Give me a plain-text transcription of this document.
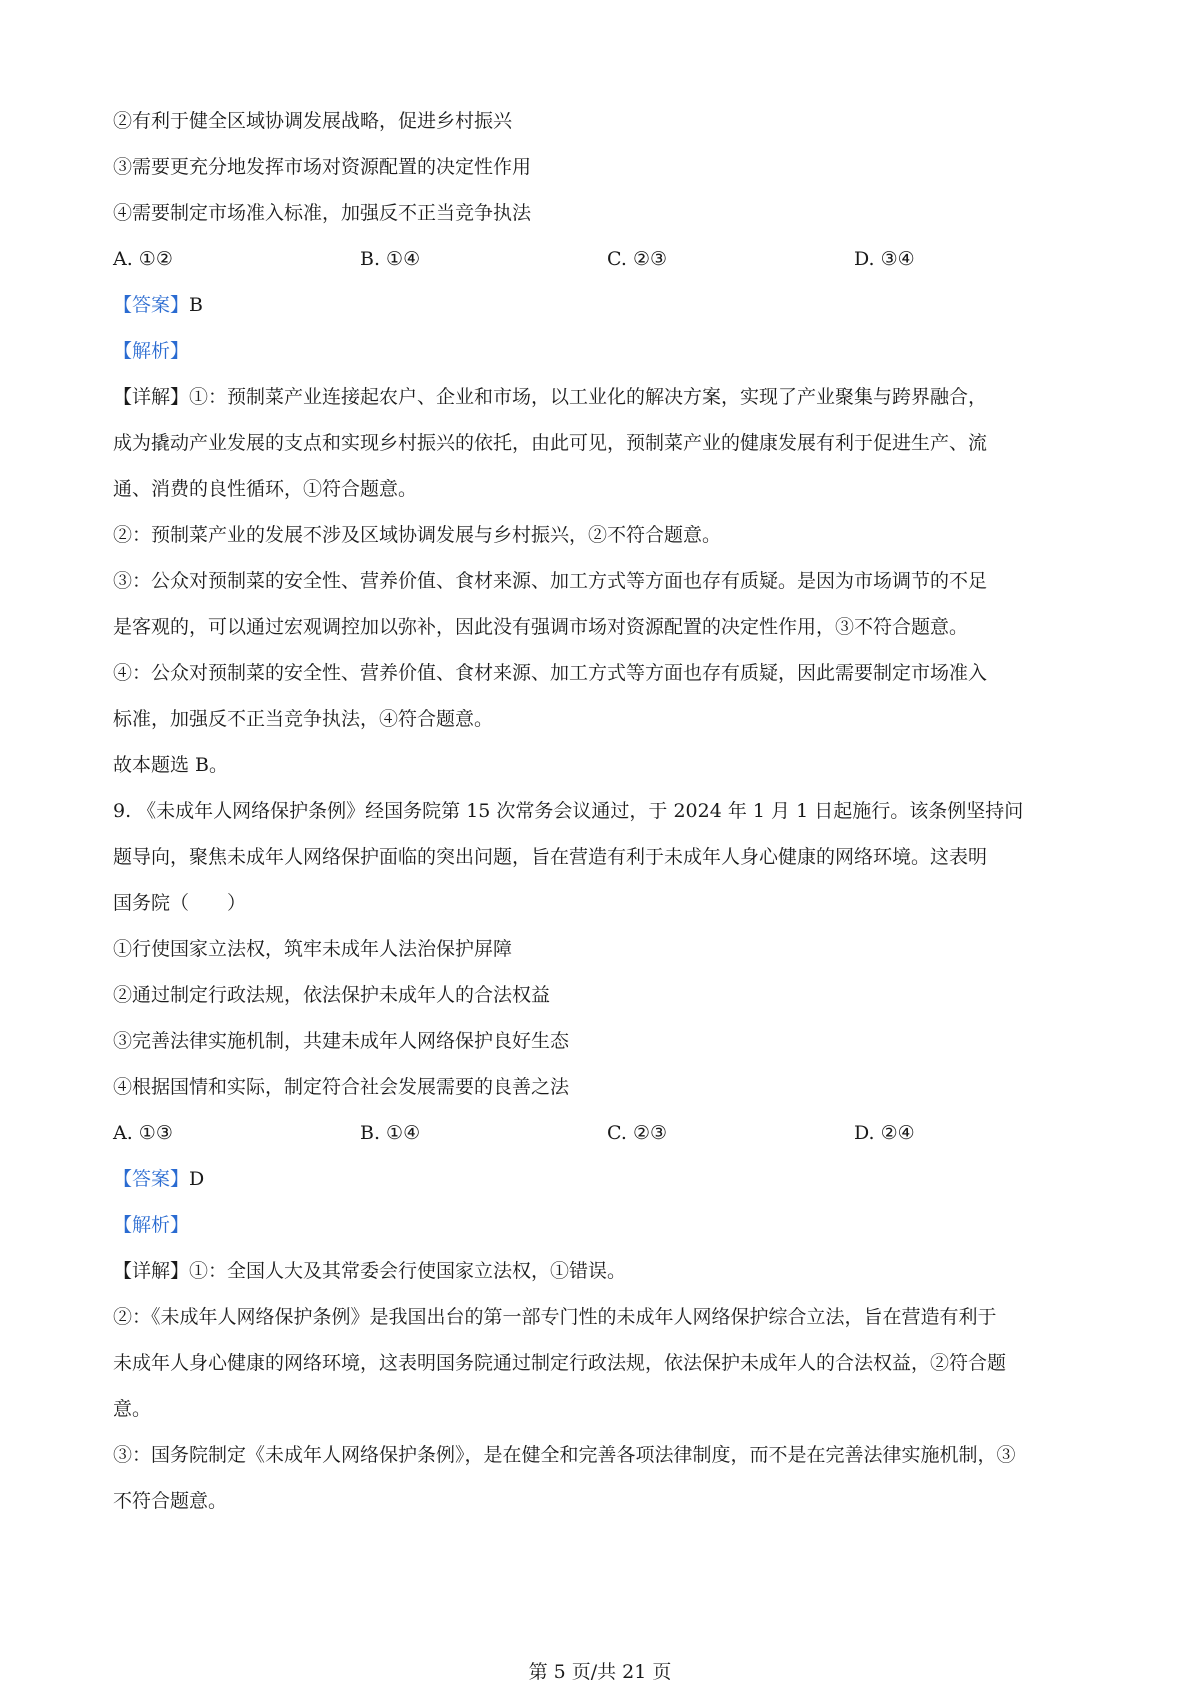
②有利于健全区域协调发展战略，促进乡村振兴
③需要更充分地发挥市场对资源配置的决定性作用
④需要制定市场准入标准，加强反不正当竞争执法
A. ①②	B. ①④	C. ②③	D. ③④
【答案】B
【解析】
【详解】①：预制菜产业连接起农户、企业和市场，以工业化的解决方案，实现了产业聚集与跨界融合，
成为撬动产业发展的支点和实现乡村振兴的依托，由此可见，预制菜产业的健康发展有利于促进生产、流
通、消费的良性循环，①符合题意。
②：预制菜产业的发展不涉及区域协调发展与乡村振兴，②不符合题意。
③：公众对预制菜的安全性、营养价值、食材来源、加工方式等方面也存有质疑。是因为市场调节的不足
是客观的，可以通过宏观调控加以弥补，因此没有强调市场对资源配置的决定性作用，③不符合题意。
④：公众对预制菜的安全性、营养价值、食材来源、加工方式等方面也存有质疑，因此需要制定市场准入
标准，加强反不正当竞争执法，④符合题意。
故本题选 B。
9. 《未成年人网络保护条例》经国务院第 15 次常务会议通过，于 2024 年 1 月 1 日起施行。该条例坚持问
题导向，聚焦未成年人网络保护面临的突出问题，旨在营造有利于未成年人身心健康的网络环境。这表明
国务院（　　）
①行使国家立法权，筑牢未成年人法治保护屏障
②通过制定行政法规，依法保护未成年人的合法权益
③完善法律实施机制，共建未成年人网络保护良好生态
④根据国情和实际，制定符合社会发展需要的良善之法
A. ①③	B. ①④	C. ②③	D. ②④
【答案】D
【解析】
【详解】①：全国人大及其常委会行使国家立法权，①错误。
②：《未成年人网络保护条例》是我国出台的第一部专门性的未成年人网络保护综合立法，旨在营造有利于
未成年人身心健康的网络环境，这表明国务院通过制定行政法规，依法保护未成年人的合法权益，②符合题
意。
③：国务院制定《未成年人网络保护条例》，是在健全和完善各项法律制度，而不是在完善法律实施机制，③
不符合题意。
第 5 页/共 21 页
